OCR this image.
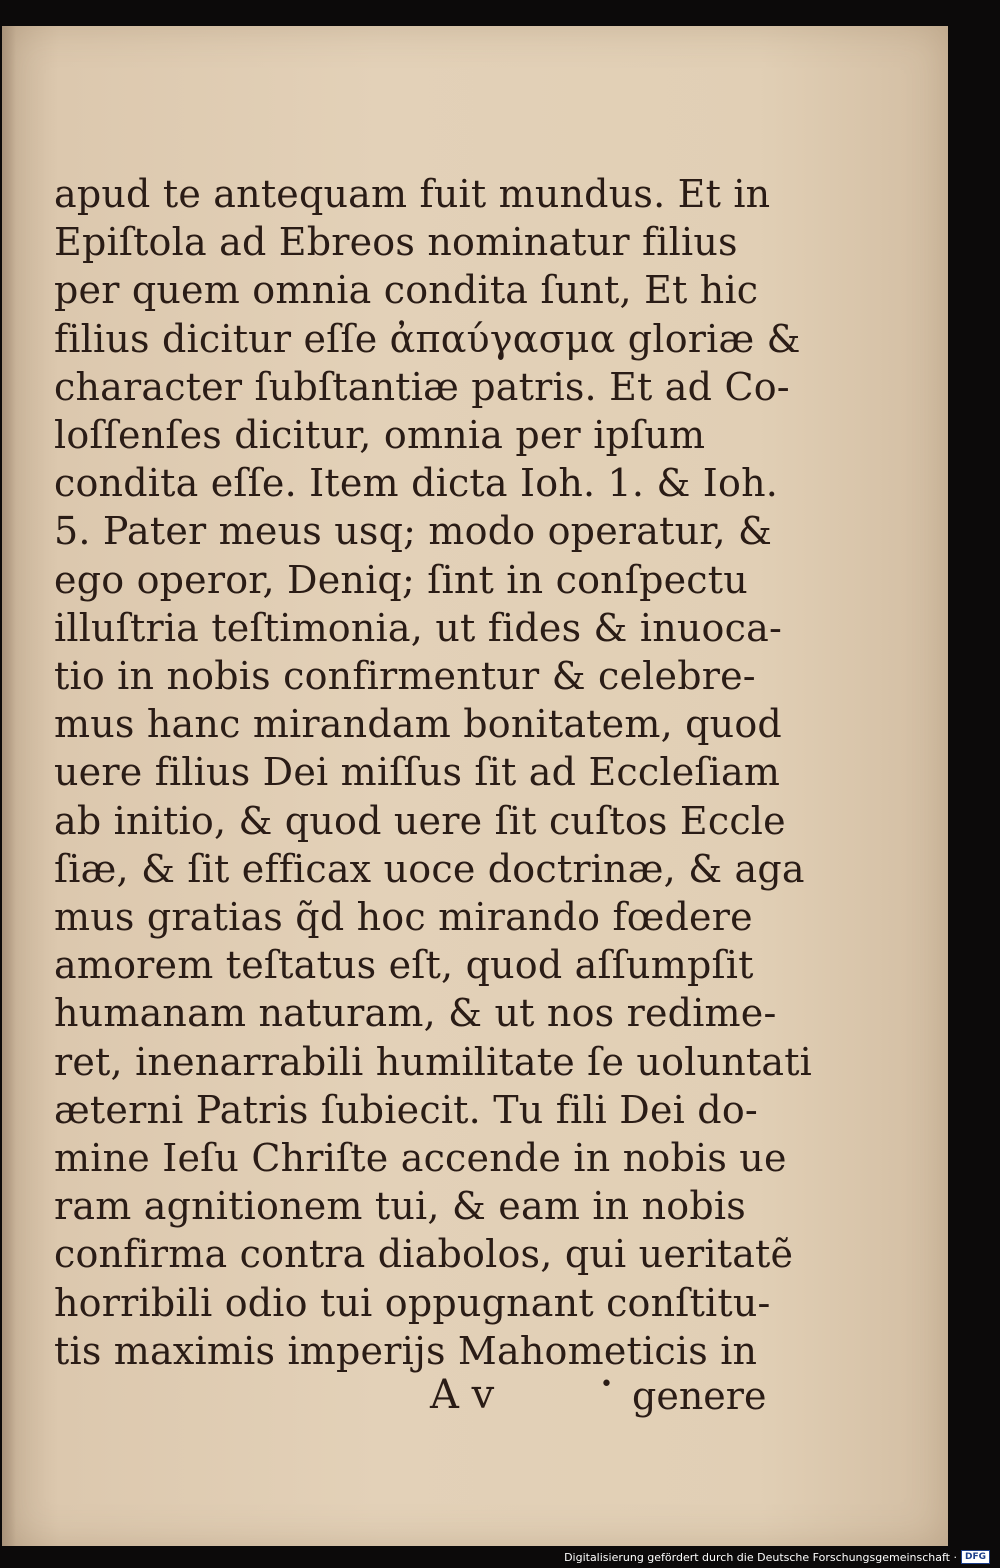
apud te antequam fuit mundus. Et in
Epiſtola ad Ebreos nominatur filius
per quem omnia condita ſunt, Et hic
filius dicitur eſſe ἀπαύγασμα gloriæ &
character ſubſtantiæ patris. Et ad Co-
loſſenſes dicitur, omnia per ipſum
condita eſſe. Item dicta Ioh. 1. & Ioh.
5. Pater meus usq; modo operatur, &
ego operor, Deniq; ſint in conſpectu
illuſtria teſtimonia, ut fides & inuoca-
tio in nobis confirmentur & celebre-
mus hanc mirandam bonitatem, quod
uere filius Dei miſſus ſit ad Eccleſiam
ab initio, & quod uere ſit cuſtos Eccle
ſiæ, & ſit efficax uoce doctrinæ, & aga
mus gratias q̃d hoc mirando fœdere
amorem teſtatus eſt, quod aſſumpſit
humanam naturam, & ut nos redime-
ret, inenarrabili humilitate ſe uoluntati
æterni Patris ſubiecit. Tu fili Dei do-
mine Ieſu Chriſte accende in nobis ue
ram agnitionem tui, & eam in nobis
confirma contra diabolos, qui ueritatẽ
horribili odio tui oppugnant conſtitu-
tis maximis imperijs Mahometicis in
A v	• genere
Digitalisierung gefördert durch die Deutsche Forschungsgemeinschaft · DFG
